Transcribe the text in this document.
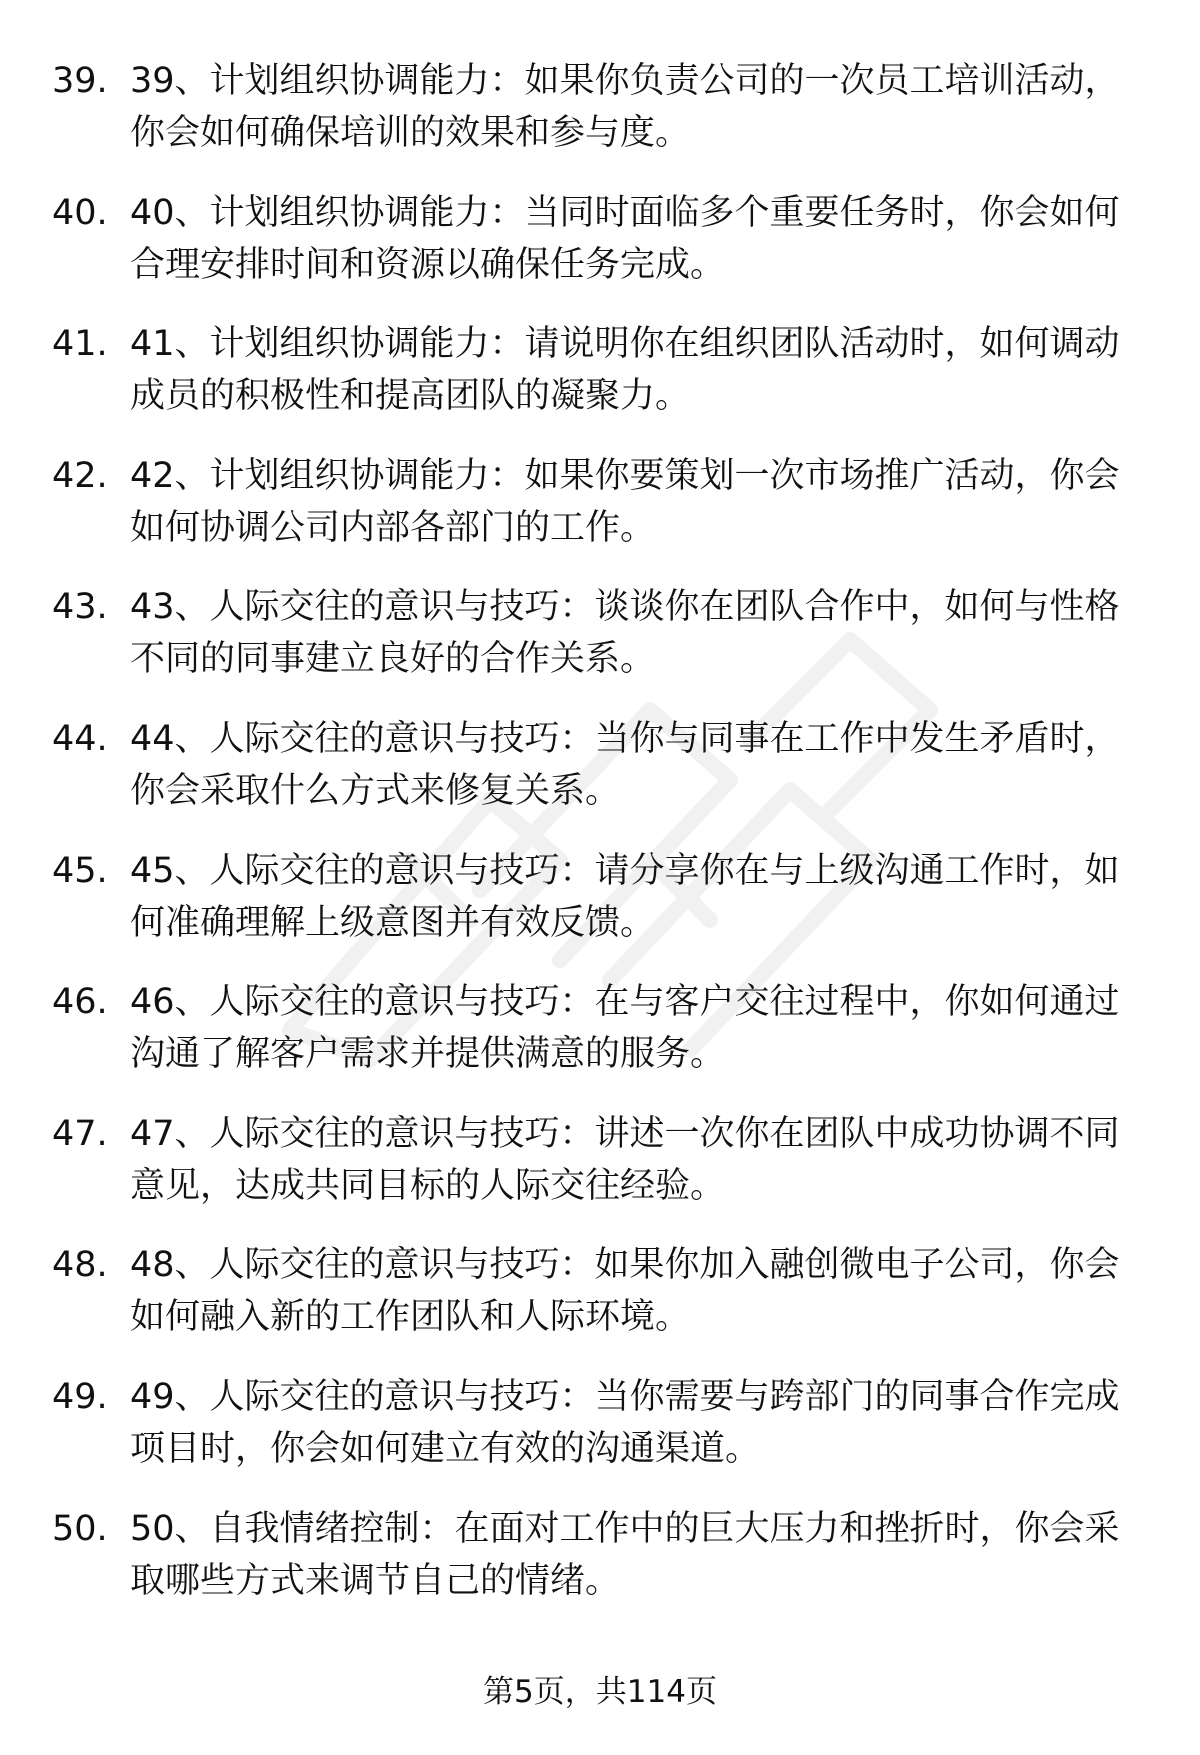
39. 39、计划组织协调能力：如果你负责公司的一次员工培训活动，你会如何确保培训的效果和参与度。
40. 40、计划组织协调能力：当同时面临多个重要任务时，你会如何合理安排时间和资源以确保任务完成。
41. 41、计划组织协调能力：请说明你在组织团队活动时，如何调动成员的积极性和提高团队的凝聚力。
42. 42、计划组织协调能力：如果你要策划一次市场推广活动，你会如何协调公司内部各部门的工作。
43. 43、人际交往的意识与技巧：谈谈你在团队合作中，如何与性格不同的同事建立良好的合作关系。
44. 44、人际交往的意识与技巧：当你与同事在工作中发生矛盾时，你会采取什么方式来修复关系。
45. 45、人际交往的意识与技巧：请分享你在与上级沟通工作时，如何准确理解上级意图并有效反馈。
46. 46、人际交往的意识与技巧：在与客户交往过程中，你如何通过沟通了解客户需求并提供满意的服务。
47. 47、人际交往的意识与技巧：讲述一次你在团队中成功协调不同意见，达成共同目标的人际交往经验。
48. 48、人际交往的意识与技巧：如果你加入融创微电子公司，你会如何融入新的工作团队和人际环境。
49. 49、人际交往的意识与技巧：当你需要与跨部门的同事合作完成项目时，你会如何建立有效的沟通渠道。
50. 50、自我情绪控制：在面对工作中的巨大压力和挫折时，你会采取哪些方式来调节自己的情绪。
第5页，共114页
